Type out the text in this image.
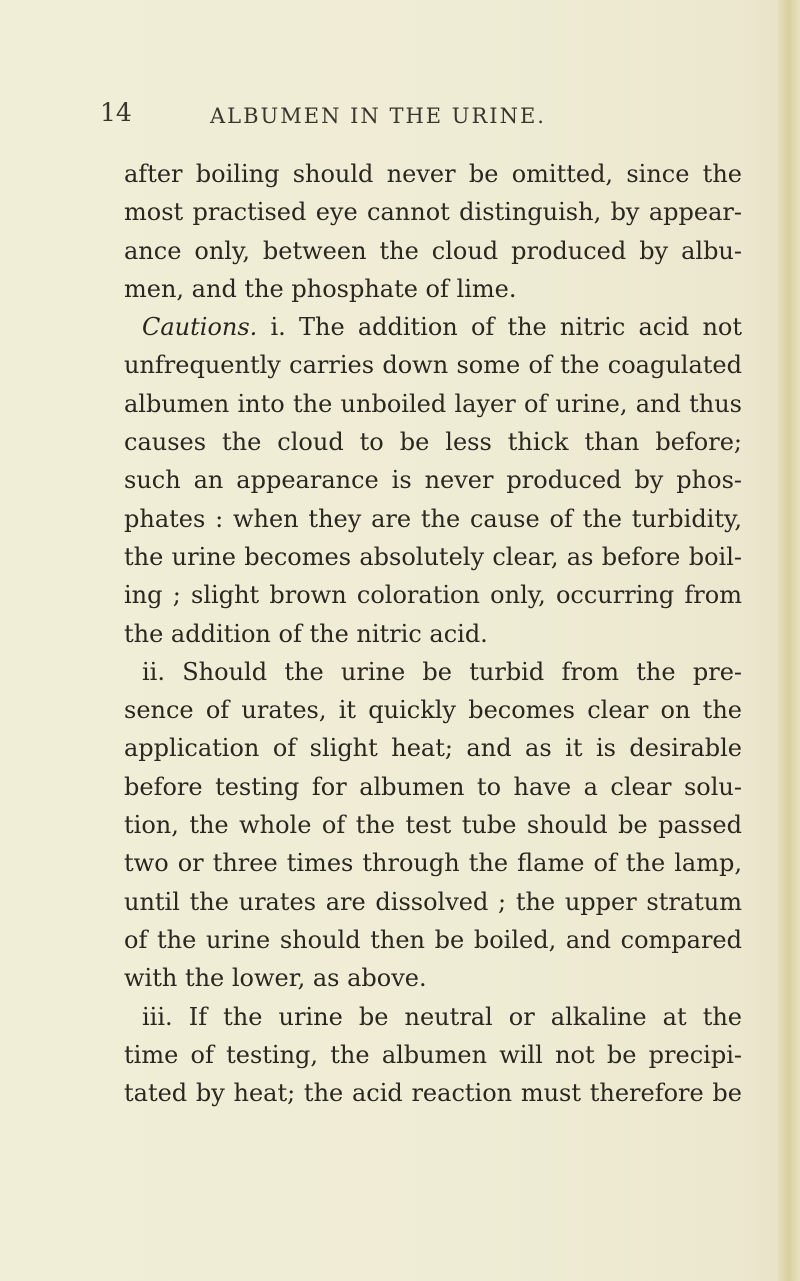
14	ALBUMEN IN THE URINE.
after boiling should never be omitted, since the
most practised eye cannot distinguish, by appear-
ance only, between the cloud produced by albu-
men, and the phosphate of lime.
Cautions. i. The addition of the nitric acid not
unfrequently carries down some of the coagulated
albumen into the unboiled layer of urine, and thus
causes the cloud to be less thick than before;
such an appearance is never produced by phos-
phates : when they are the cause of the turbidity,
the urine becomes absolutely clear, as before boil-
ing ; slight brown coloration only, occurring from
the addition of the nitric acid.
ii. Should the urine be turbid from the pre-
sence of urates, it quickly becomes clear on the
application of slight heat; and as it is desirable
before testing for albumen to have a clear solu-
tion, the whole of the test tube should be passed
two or three times through the flame of the lamp,
until the urates are dissolved ; the upper stratum
of the urine should then be boiled, and compared
with the lower, as above.
iii. If the urine be neutral or alkaline at the
time of testing, the albumen will not be precipi-
tated by heat; the acid reaction must therefore be
